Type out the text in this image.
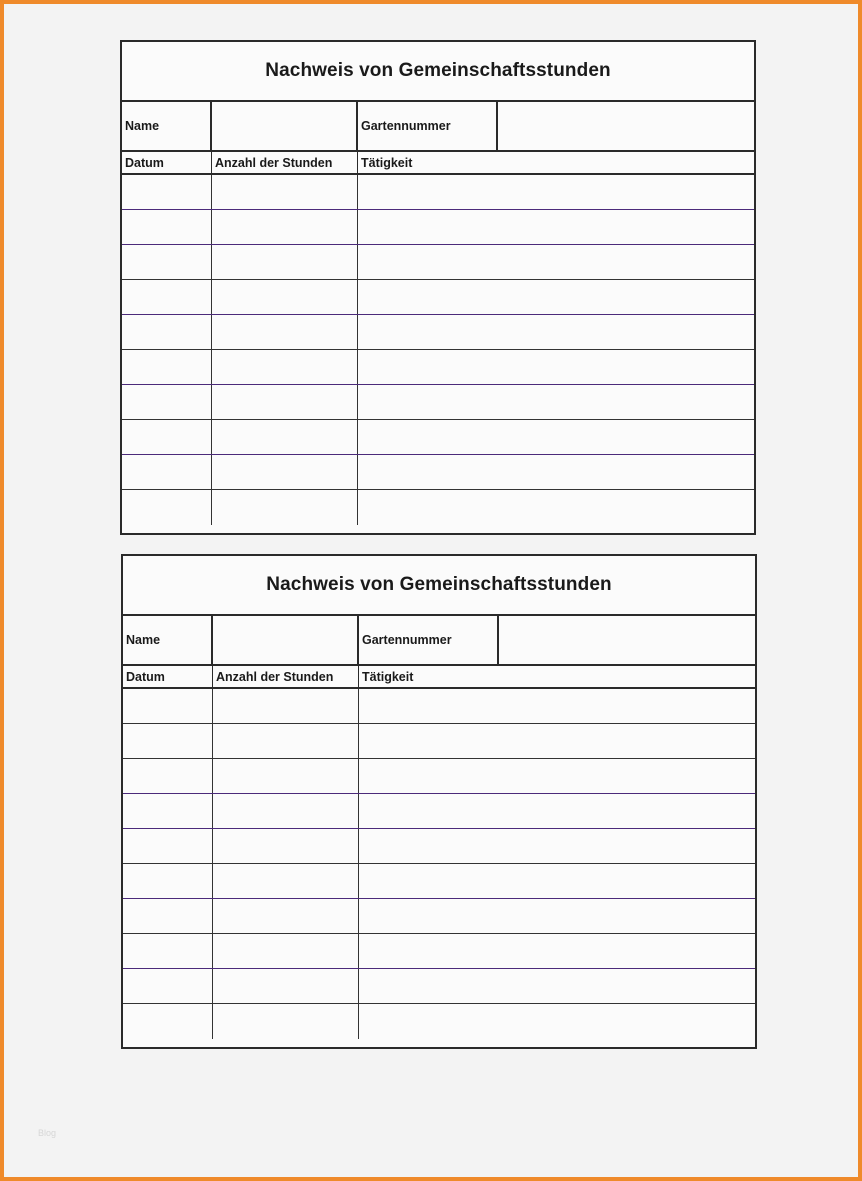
Nachweis von Gemeinschaftsstunden
Name	Gartennummer
Datum	Anzahl der Stunden	Tätigkeit
Nachweis von Gemeinschaftsstunden
Name	Gartennummer
Datum	Anzahl der Stunden	Tätigkeit
Blog
